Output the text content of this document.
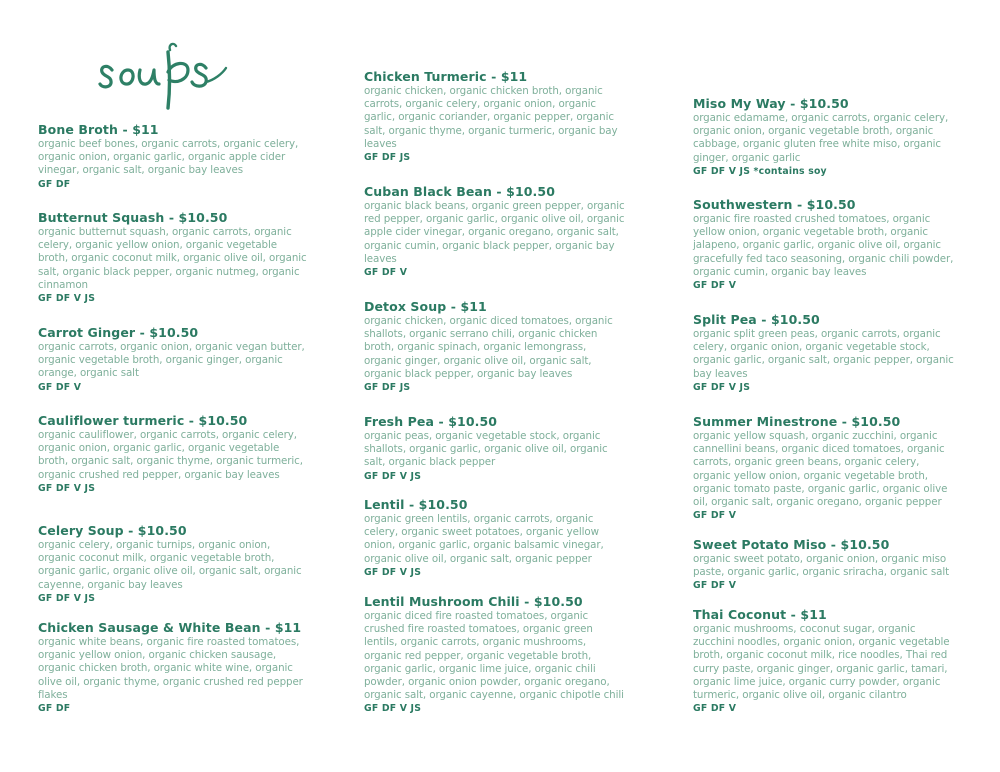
Bone Broth - $11
organic beef bones, organic carrots, organic celery, organic onion, organic garlic, organic apple cider vinegar, organic salt, organic bay leaves
GF DF
Butternut Squash - $10.50
organic butternut squash, organic carrots, organic celery, organic yellow onion, organic vegetable broth, organic coconut milk, organic olive oil, organic salt, organic black pepper, organic nutmeg, organic cinnamon
GF DF V JS
Carrot Ginger - $10.50
organic carrots, organic onion, organic vegan butter, organic vegetable broth, organic ginger, organic orange, organic salt
GF DF V
Cauliflower turmeric - $10.50
organic cauliflower, organic carrots, organic celery, organic onion, organic garlic, organic vegetable broth, organic salt, organic thyme, organic turmeric, organic crushed red pepper, organic bay leaves
GF DF V JS
Celery Soup - $10.50
organic celery, organic turnips, organic onion, organic coconut milk, organic vegetable broth, organic garlic, organic olive oil, organic salt, organic cayenne, organic bay leaves
GF DF V JS
Chicken Sausage & White Bean - $11
organic white beans, organic fire roasted tomatoes, organic yellow onion, organic chicken sausage, organic chicken broth, organic white wine, organic olive oil, organic thyme, organic crushed red pepper flakes
GF DF
Chicken Turmeric - $11
organic chicken, organic chicken broth, organic carrots, organic celery, organic onion, organic garlic, organic coriander, organic pepper, organic salt, organic thyme, organic turmeric, organic bay leaves
GF DF JS
Cuban Black Bean - $10.50
organic black beans, organic green pepper, organic red pepper, organic garlic, organic olive oil, organic apple cider vinegar, organic oregano, organic salt, organic cumin, organic black pepper, organic bay leaves
GF DF V
Detox Soup - $11
organic chicken, organic diced tomatoes, organic shallots, organic serrano chili, organic chicken broth, organic spinach, organic lemongrass, organic ginger, organic olive oil, organic salt, organic black pepper, organic bay leaves
GF DF JS
Fresh Pea - $10.50
organic peas, organic vegetable stock, organic shallots, organic garlic, organic olive oil, organic salt, organic black pepper
GF DF V JS
Lentil - $10.50
organic green lentils, organic carrots, organic celery, organic sweet potatoes, organic yellow onion, organic garlic, organic balsamic vinegar, organic olive oil, organic salt, organic pepper
GF DF V JS
Lentil Mushroom Chili - $10.50
organic diced fire roasted tomatoes, organic crushed fire roasted tomatoes, organic green lentils, organic carrots, organic mushrooms, organic red pepper, organic vegetable broth, organic garlic, organic lime juice, organic chili powder, organic onion powder, organic oregano, organic salt, organic cayenne, organic chipotle chili
GF DF V JS
Miso My Way - $10.50
organic edamame, organic carrots, organic celery, organic onion, organic vegetable broth, organic cabbage, organic gluten free white miso, organic ginger, organic garlic
GF DF V JS *contains soy
Southwestern - $10.50
organic fire roasted crushed tomatoes, organic yellow onion, organic vegetable broth, organic jalapeno, organic garlic, organic olive oil, organic gracefully fed taco seasoning, organic chili powder, organic cumin, organic bay leaves
GF DF V
Split Pea - $10.50
organic split green peas, organic carrots, organic celery, organic onion, organic vegetable stock, organic garlic, organic salt, organic pepper, organic bay leaves
GF DF V JS
Summer Minestrone - $10.50
organic yellow squash, organic zucchini, organic cannellini beans, organic diced tomatoes, organic carrots, organic green beans, organic celery, organic yellow onion, organic vegetable broth, organic tomato paste, organic garlic, organic olive oil, organic salt, organic oregano, organic pepper
GF DF V
Sweet Potato Miso - $10.50
organic sweet potato, organic onion, organic miso paste, organic garlic, organic sriracha, organic salt
GF DF V
Thai Coconut - $11
organic mushrooms, coconut sugar, organic zucchini noodles, organic onion, organic vegetable broth, organic coconut milk, rice noodles, Thai red curry paste, organic ginger, organic garlic, tamari, organic lime juice, organic curry powder, organic turmeric, organic olive oil, organic cilantro
GF DF V
